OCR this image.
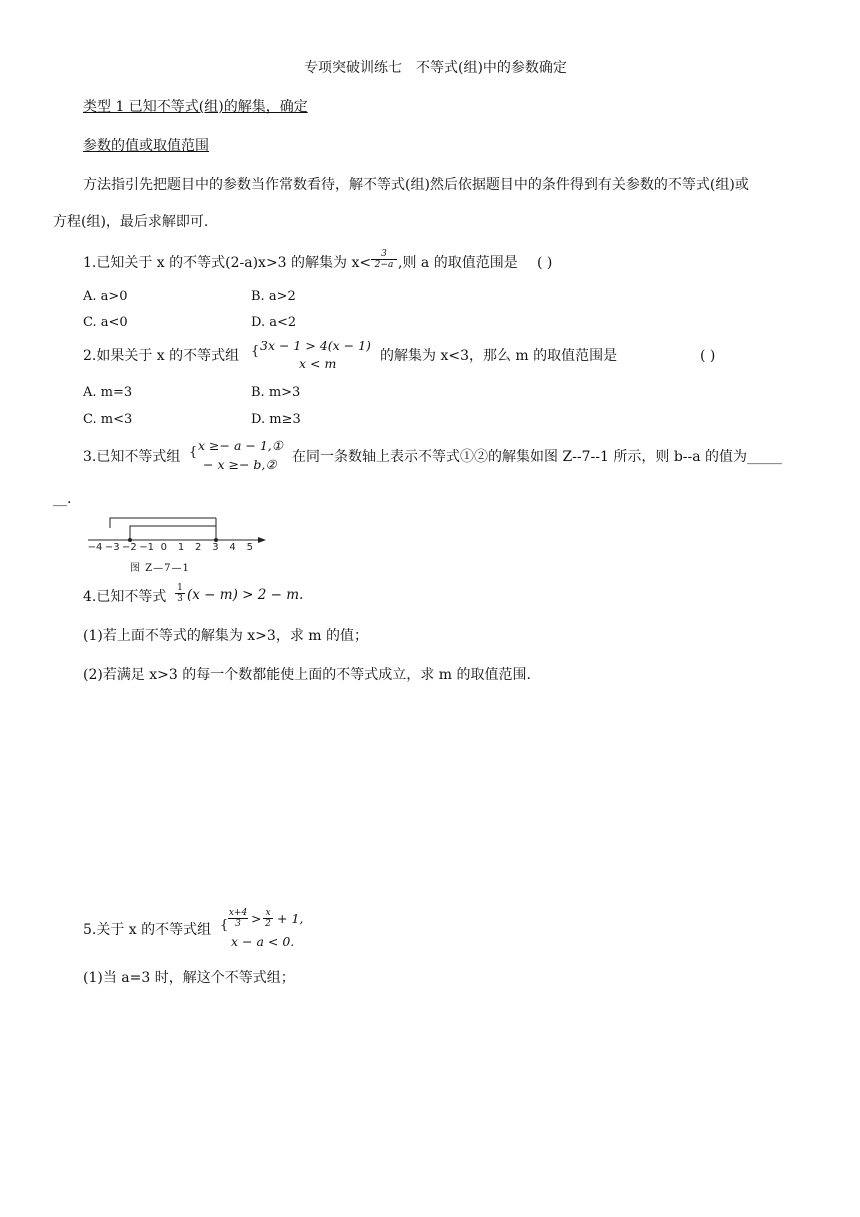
专项突破训练七　不等式(组)中的参数确定
类型 1 已知不等式(组)的解集，确定
参数的值或取值范围
方法指引先把题目中的参数当作常数看待，解不等式(组)然后依据题目中的条件得到有关参数的不等式(组)或
方程(组)，最后求解即可.
1.已知关于 x 的不等式(2-a)x>3 的解集为 $x< \frac{3}{2-a}$ ,则 a 的取值范围是 ( )
A. a>0	B. a>2
C. a<0	D. a<2
2.如果关于 x 的不等式组 { 3x − 1 > 4(x − 1)
x < m	的解集为 x<3，那么 m 的取值范围是	( )
A. m=3	B. m>3
C. m<3	D. m≥3
3.已知不等式组 { x ≥− a − 1,①
− x ≥− b,② 在同一条数轴上表示不等式①②的解集如图 Z--7--1 所示，则 b--a 的值为_____
__.
−4 −3 −2 −1 0 1 2 3 4 5
图 Z—7—1
4.已知不等式 $\frac{1}{3} (x - m) > 2 - m$.
(1)若上面不等式的解集为 x>3，求 m 的值；
(2)若满足 x>3 的每一个数都能使上面的不等式成立，求 m 的取值范围.
5.关于 x 的不等式组 { $\frac{x+4}{3} > \frac{x}{2} + 1$,
x − a < 0.
(1)当 a=3 时，解这个不等式组；
